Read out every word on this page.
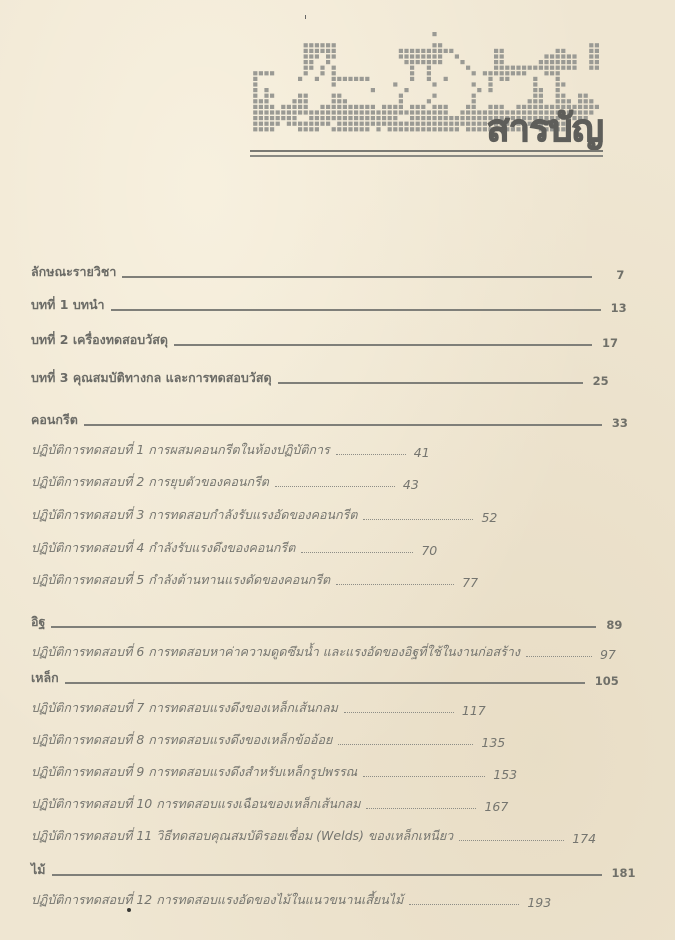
สารบัญ
ลักษณะรายวิชา	7
บทที่ 1 บทนำ	13
บทที่ 2 เครื่องทดสอบวัสดุ	17
บทที่ 3 คุณสมบัติทางกล และการทดสอบวัสดุ	25
คอนกรีต	33
ปฏิบัติการทดสอบที่ 1 การผสมคอนกรีตในห้องปฏิบัติการ	41
ปฏิบัติการทดสอบที่ 2 การยุบตัวของคอนกรีต	43
ปฏิบัติการทดสอบที่ 3 การทดสอบกำลังรับแรงอัดของคอนกรีต	52
ปฏิบัติการทดสอบที่ 4 กำลังรับแรงดึงของคอนกรีต	70
ปฏิบัติการทดสอบที่ 5 กำลังต้านทานแรงดัดของคอนกรีต	77
อิฐ	89
ปฏิบัติการทดสอบที่ 6 การทดสอบหาค่าความดูดซึมน้ำ และแรงอัดของอิฐที่ใช้ในงานก่อสร้าง	97
เหล็ก	105
ปฏิบัติการทดสอบที่ 7 การทดสอบแรงดึงของเหล็กเส้นกลม	117
ปฏิบัติการทดสอบที่ 8 การทดสอบแรงดึงของเหล็กข้ออ้อย	135
ปฏิบัติการทดสอบที่ 9 การทดสอบแรงดึงสำหรับเหล็กรูปพรรณ	153
ปฏิบัติการทดสอบที่ 10 การทดสอบแรงเฉือนของเหล็กเส้นกลม	167
ปฏิบัติการทดสอบที่ 11 วิธีทดสอบคุณสมบัติรอยเชื่อม (Welds) ของเหล็กเหนียว	174
ไม้	181
ปฏิบัติการทดสอบที่ 12 การทดสอบแรงอัดของไม้ในแนวขนานเสี้ยนไม้	193
